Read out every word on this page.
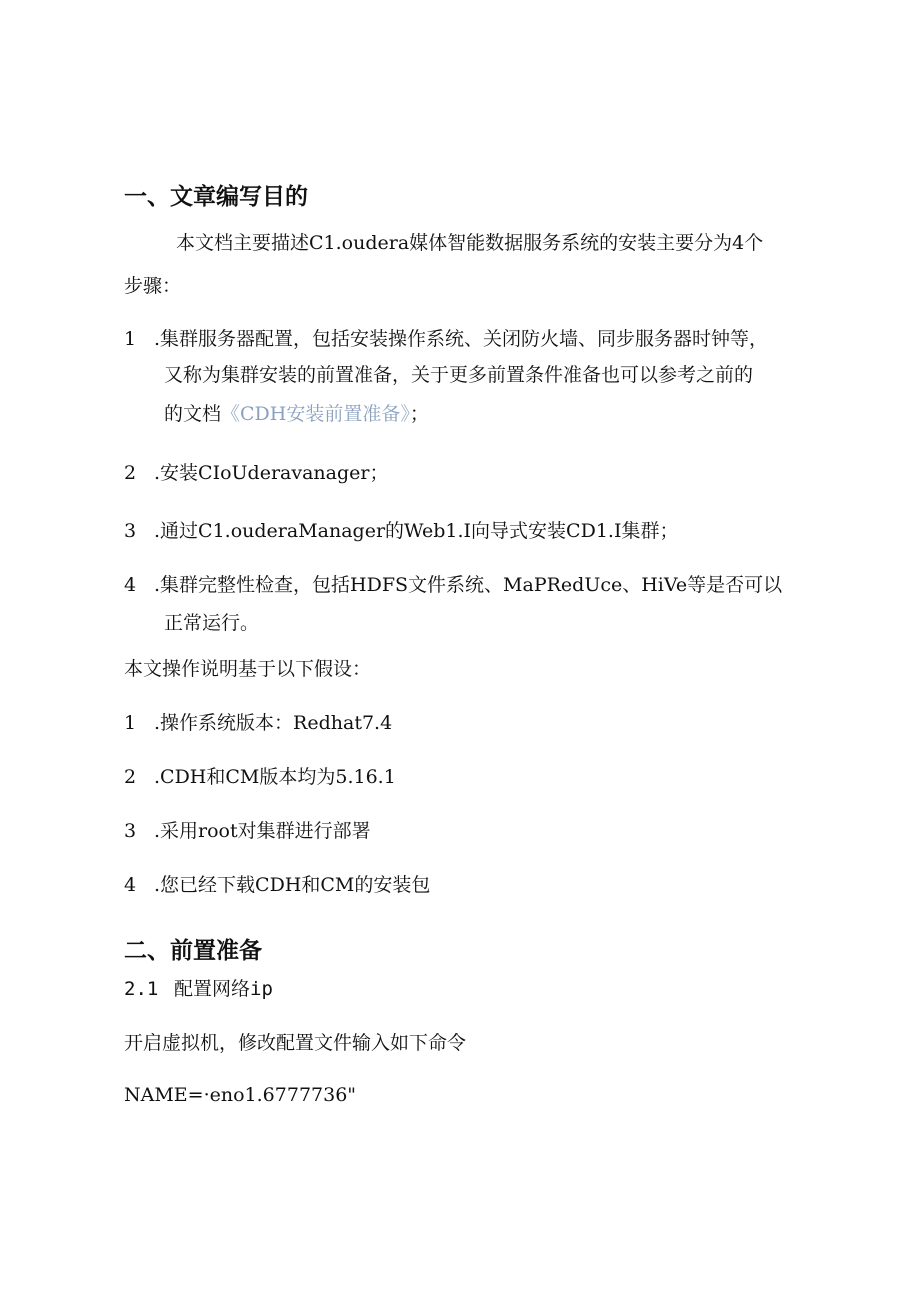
一、文章编写目的

本文档主要描述C1.oudera媒体智能数据服务系统的安装主要分为4个

步骤：

1 .集群服务器配置，包括安装操作系统、关闭防火墙、同步服务器时钟等，

又称为集群安装的前置准备，关于更多前置条件准备也可以参考之前的

的文档《CDH安装前置准备》；

2 .安装CIoUderavanager；

3 .通过C1.ouderaManager的Web1.I向导式安装CD1.I集群；

4 .集群完整性检查，包括HDFS文件系统、MaPRedUce、HiVe等是否可以

正常运行。

本文操作说明基于以下假设：

1 .操作系统版本：Redhat7.4

2 .CDH和CM版本均为5.16.1

3 .采用root对集群进行部署

4 .您已经下载CDH和CM的安装包

二、前置准备

2.1 配置网络ip

开启虚拟机，修改配置文件输入如下命令

NAME=·eno1.6777736"
